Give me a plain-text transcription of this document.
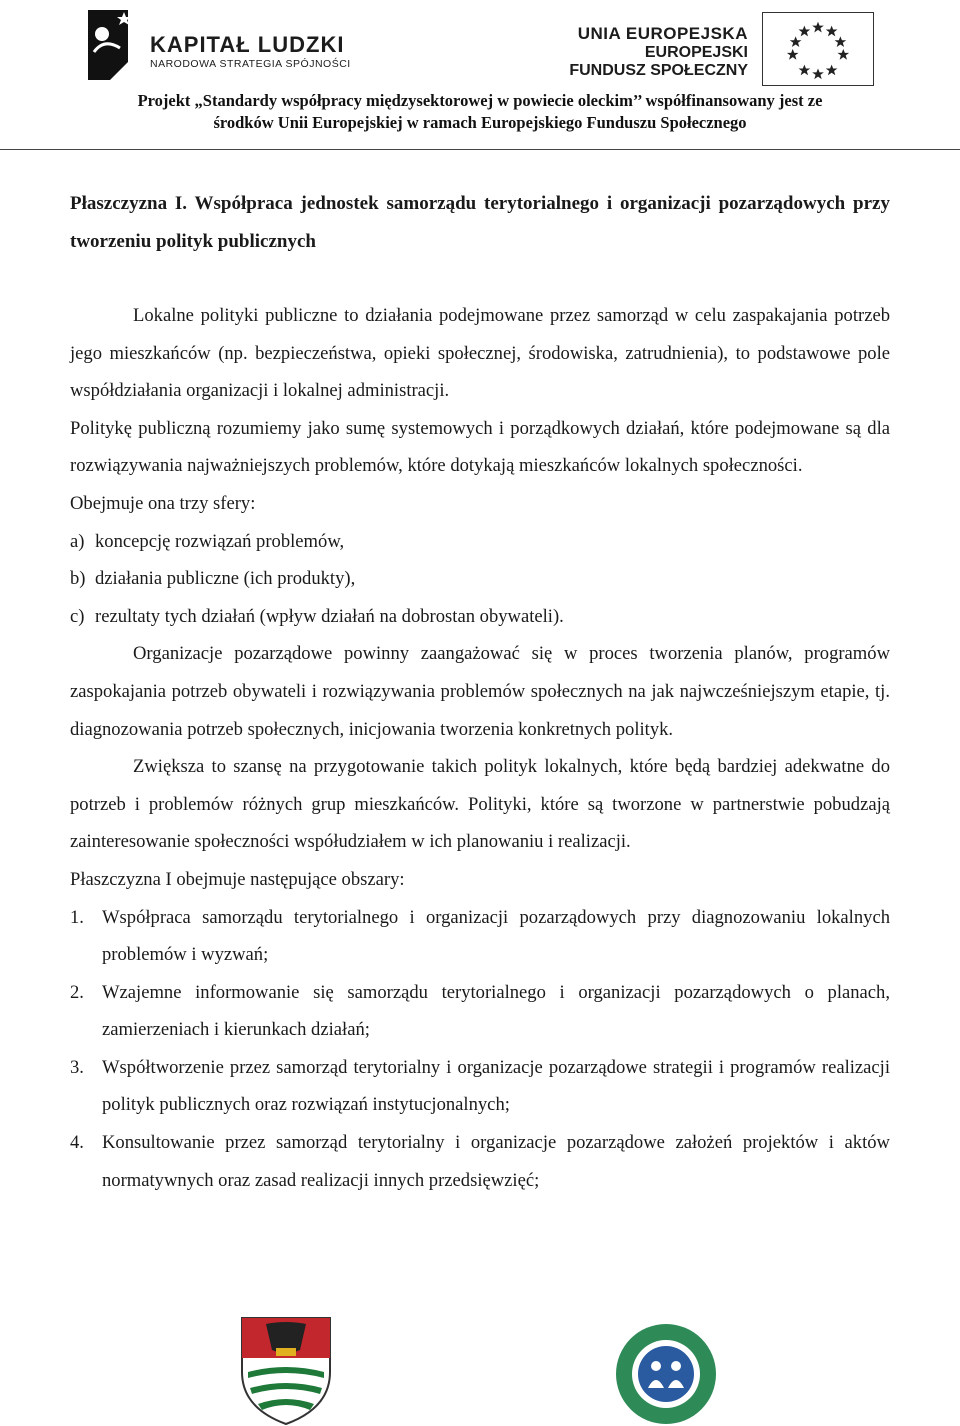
KAPITAŁ LUDZKI
NARODOWA STRATEGIA SPÓJNOŚCI
UNIA EUROPEJSKA
EUROPEJSKI
FUNDUSZ SPOŁECZNY
Projekt „Standardy współpracy międzysektorowej w powiecie oleckim’’ współfinansowany jest ze
środków Unii Europejskiej w ramach Europejskiego Funduszu Społecznego

Płaszczyzna I. Współpraca jednostek samorządu terytorialnego i organizacji pozarządowych przy tworzeniu polityk publicznych

Lokalne polityki publiczne to działania podejmowane przez samorząd w celu zaspakajania potrzeb jego mieszkańców (np. bezpieczeństwa, opieki społecznej, środowiska, zatrudnienia), to podstawowe pole współdziałania organizacji i lokalnej administracji.

Politykę publiczną rozumiemy jako sumę systemowych i porządkowych działań, które podejmowane są dla rozwiązywania najważniejszych problemów, które dotykają mieszkańców lokalnych społeczności.

Obejmuje ona trzy sfery:

a) koncepcję rozwiązań problemów,

b) działania publiczne (ich produkty),

c) rezultaty tych działań (wpływ działań na dobrostan obywateli).

Organizacje pozarządowe powinny zaangażować się w proces tworzenia planów, programów zaspokajania potrzeb obywateli i rozwiązywania problemów społecznych na jak najwcześniejszym etapie, tj. diagnozowania potrzeb społecznych, inicjowania tworzenia konkretnych polityk.

Zwiększa to szansę na przygotowanie takich polityk lokalnych, które będą bardziej adekwatne do potrzeb i problemów różnych grup mieszkańców. Polityki, które są tworzone w partnerstwie pobudzają zainteresowanie społeczności współudziałem w ich planowaniu i realizacji.

Płaszczyzna I obejmuje następujące obszary:

1. Współpraca samorządu terytorialnego i organizacji pozarządowych przy diagnozowaniu lokalnych problemów i wyzwań;

2. Wzajemne informowanie się samorządu terytorialnego i organizacji pozarządowych o planach, zamierzeniach i kierunkach działań;

3. Współtworzenie przez samorząd terytorialny i organizacje pozarządowe strategii i programów realizacji polityk publicznych oraz rozwiązań instytucjonalnych;

4. Konsultowanie przez samorząd terytorialny i organizacje pozarządowe założeń projektów i aktów normatywnych oraz zasad realizacji innych przedsięwzięć;
